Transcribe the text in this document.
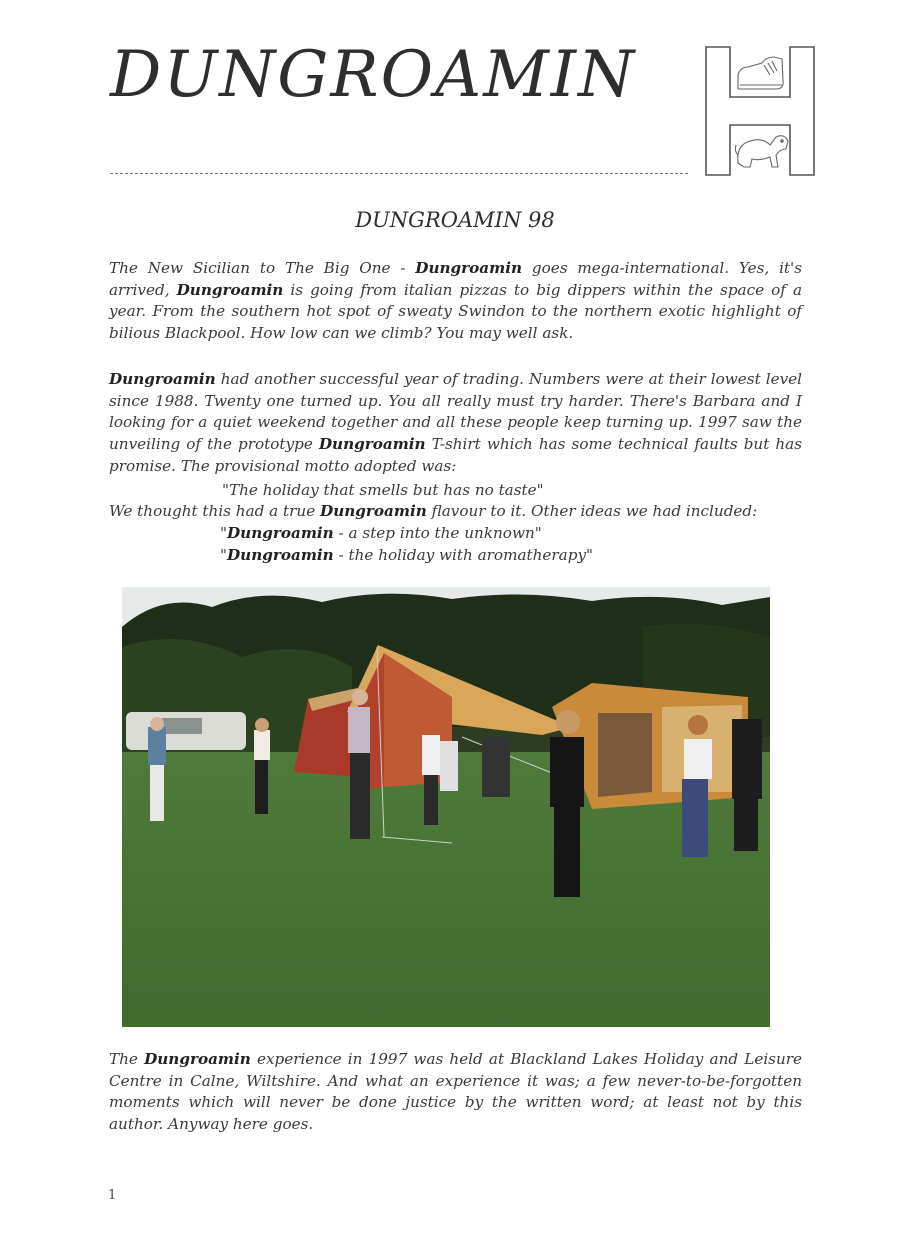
DUNGROAMIN
DUNGROAMIN 98
The New Sicilian to The Big One - Dungroamin goes mega-international. Yes, it's arrived, Dungroamin is going from italian pizzas to big dippers within the space of a year. From the southern hot spot of sweaty Swindon to the northern exotic highlight of bilious Blackpool. How low can we climb? You may well ask.
Dungroamin had another successful year of trading. Numbers were at their lowest level since 1988. Twenty one turned up. You all really must try harder. There's Barbara and I looking for a quiet weekend together and all these people keep turning up. 1997 saw the unveiling of the prototype Dungroamin T-shirt which has some technical faults but has promise. The provisional motto adopted was:
"The holiday that smells but has no taste"
We thought this had a true Dungroamin flavour to it. Other ideas we had included:
"Dungroamin - a step into the unknown"
"Dungroamin - the holiday with aromatherapy"
The Dungroamin experience in 1997 was held at Blackland Lakes Holiday and Leisure Centre in Calne, Wiltshire. And what an experience it was; a few never-to-be-forgotten moments which will never be done justice by the written word; at least not by this author. Anyway here goes.
1
